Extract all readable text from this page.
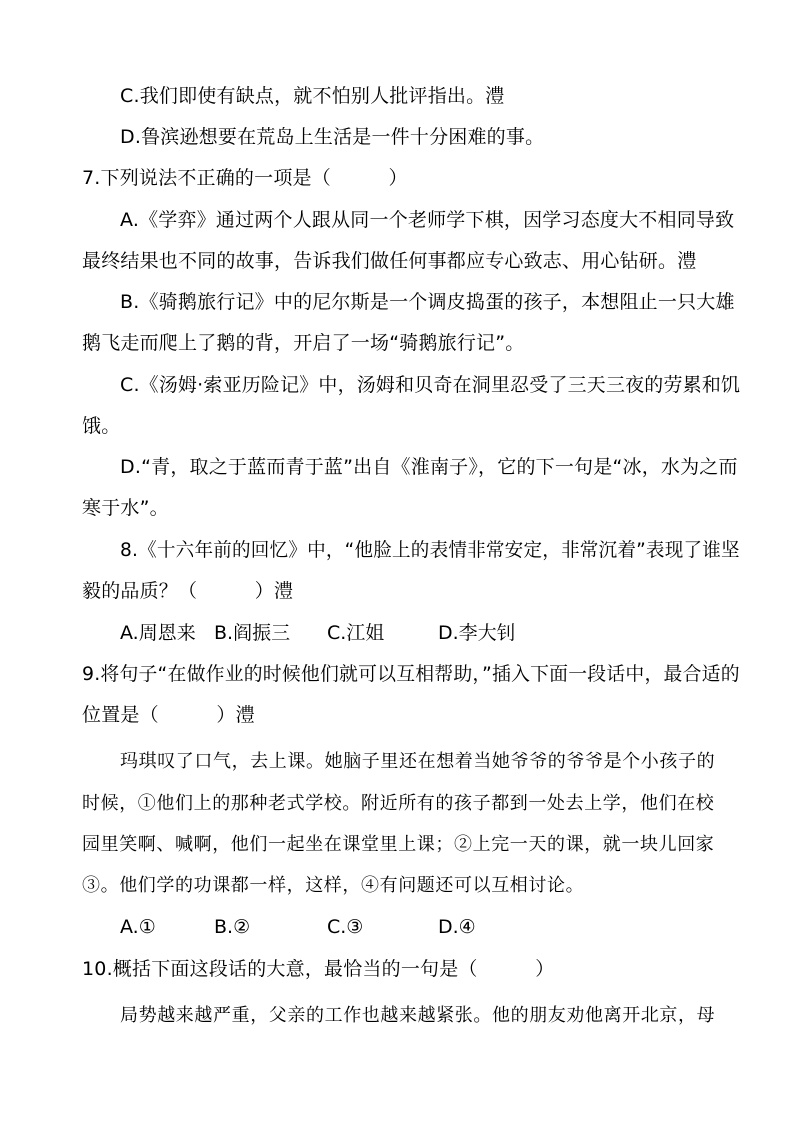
C.我们即使有缺点，就不怕别人批评指出。澧
D.鲁滨逊想要在荒岛上生活是一件十分困难的事。
7.下列说法不正确的一项是（　　　）
A.《学弈》通过两个人跟从同一个老师学下棋，因学习态度大不相同导致
最终结果也不同的故事，告诉我们做任何事都应专心致志、用心钻研。澧
B.《骑鹅旅行记》中的尼尔斯是一个调皮捣蛋的孩子，本想阻止一只大雄
鹅飞走而爬上了鹅的背，开启了一场“骑鹅旅行记”。
C.《汤姆·索亚历险记》中，汤姆和贝奇在洞里忍受了三天三夜的劳累和饥
饿。
D.“青，取之于蓝而青于蓝”出自《淮南子》，它的下一句是“冰，水为之而
寒于水”。
8.《十六年前的回忆》中，“他脸上的表情非常安定，非常沉着”表现了谁坚
毅的品质？（　　　）澧
A.周恩来 B.阎振三 C.江姐	D.李大钊
9.将句子“在做作业的时候他们就可以互相帮助，”插入下面一段话中，最合适的
位置是（　　　）澧
玛琪叹了口气，去上课。她脑子里还在想着当她爷爷的爷爷是个小孩子的
时候，①他们上的那种老式学校。附近所有的孩子都到一处去上学，他们在校
园里笑啊、喊啊，他们一起坐在课堂里上课；②上完一天的课，就一块儿回家
③。他们学的功课都一样，这样，④有问题还可以互相讨论。
A.①	B.②	C.③	D.④
10.概括下面这段话的大意，最恰当的一句是（　　　）
局势越来越严重，父亲的工作也越来越紧张。他的朋友劝他离开北京，母
